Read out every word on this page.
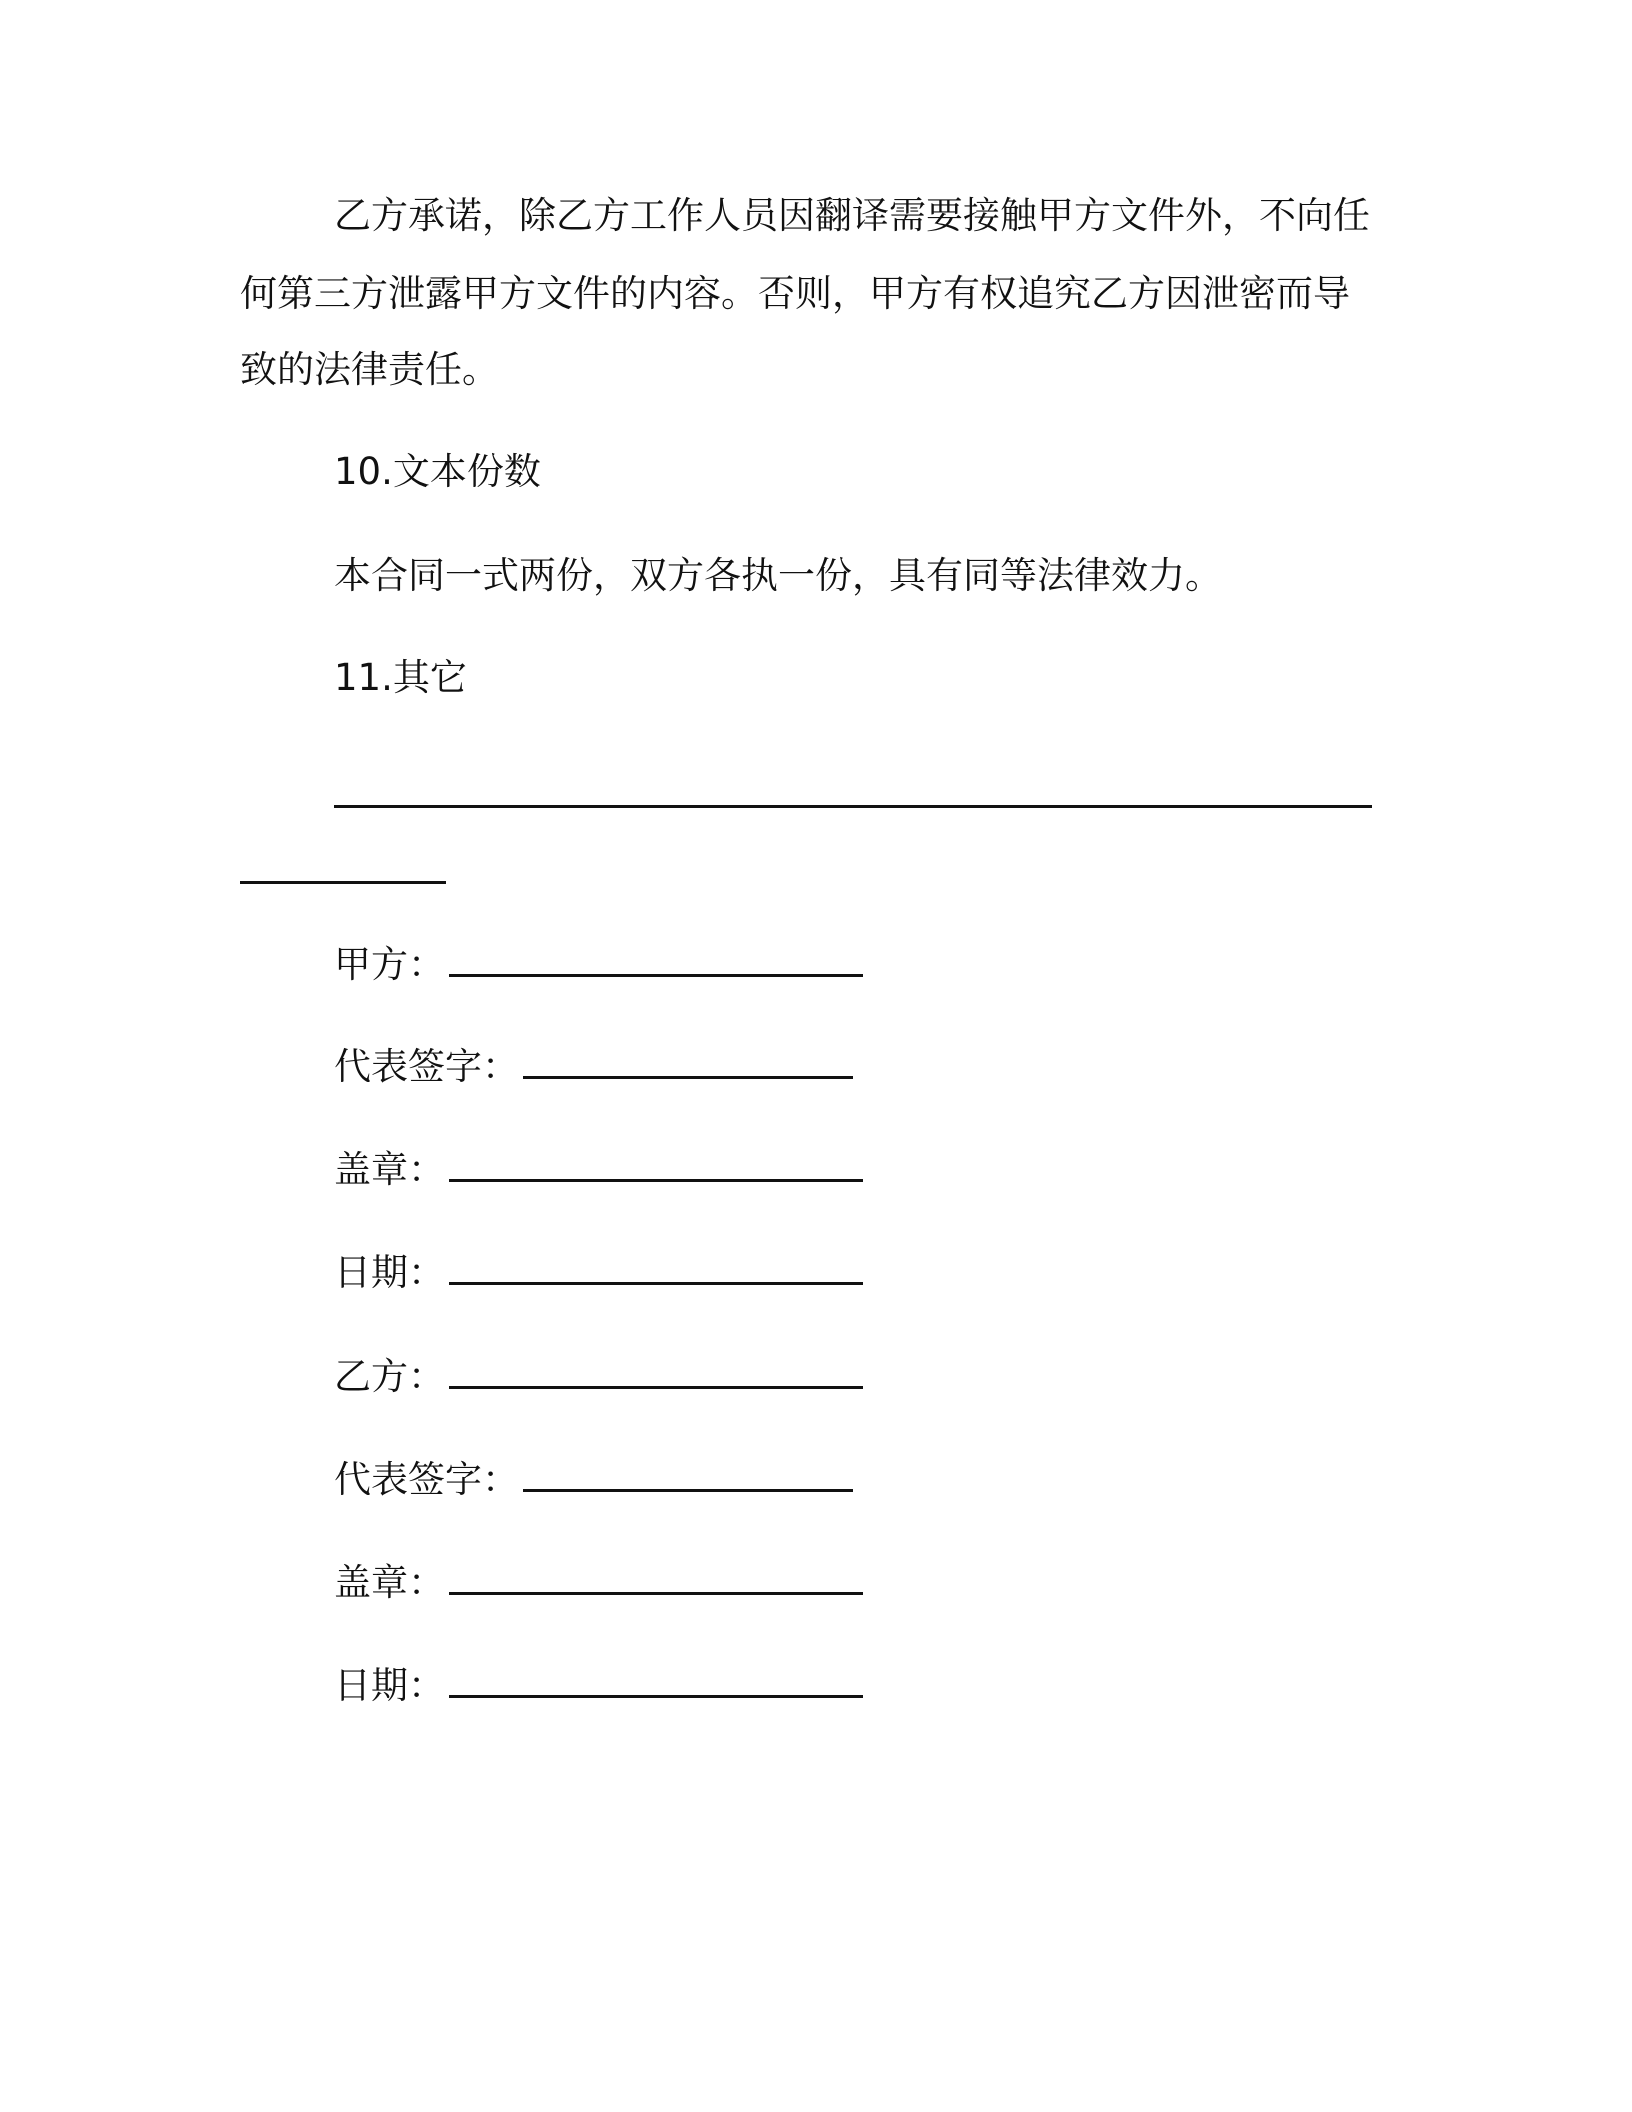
乙方承诺，除乙方工作人员因翻译需要接触甲方文件外，不向任
何第三方泄露甲方文件的内容。否则，甲方有权追究乙方因泄密而导
致的法律责任。
10.文本份数
本合同一式两份，双方各执一份，具有同等法律效力。
11.其它
甲方：
代表签字：
盖章：
日期：
乙方：
代表签字：
盖章：
日期：
